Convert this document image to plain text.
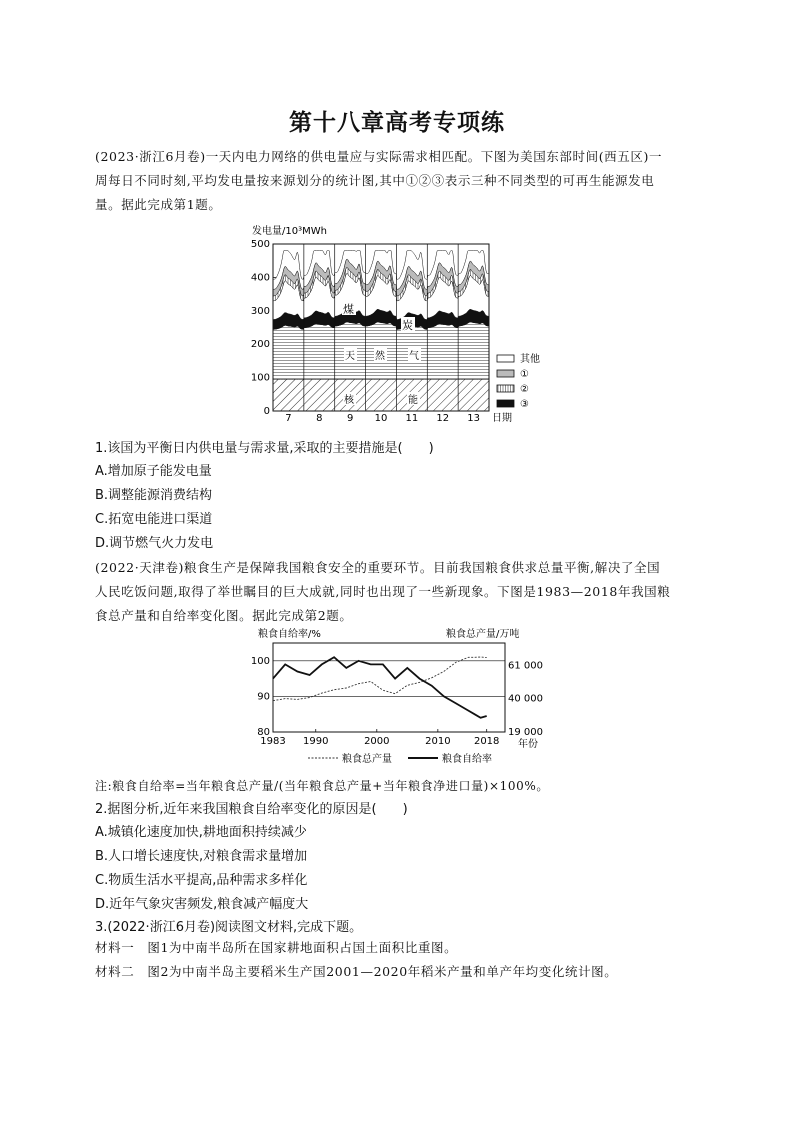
第十八章高考专项练
(2023·浙江6月卷)一天内电力网络的供电量应与实际需求相匹配。下图为美国东部时间(西五区)一
周每日不同时刻,平均发电量按来源划分的统计图,其中①②③表示三种不同类型的可再生能源发电
量。据此完成第1题。
发电量/10³MWh
500
400
300
200
100
0
7 8 9 10 11 12 13 日期
煤
炭
天 然 气
核	能
其他
①
②
③
1.该国为平衡日内供电量与需求量,采取的主要措施是(　　)
A.增加原子能发电量
B.调整能源消费结构
C.拓宽电能进口渠道
D.调节燃气火力发电
(2022·天津卷)粮食生产是保障我国粮食安全的重要环节。目前我国粮食供求总量平衡,解决了全国
人民吃饭问题,取得了举世瞩目的巨大成就,同时也出现了一些新现象。下图是1983—2018年我国粮
食总产量和自给率变化图。据此完成第2题。
粮食自给率/%	粮食总产量/万吨
100
90
80
61 000
40 000
19 000
1983 1990	2000	2010 2018 年份
粮食总产量	粮食自给率
注:粮食自给率=当年粮食总产量/(当年粮食总产量+当年粮食净进口量)×100%。
2.据图分析,近年来我国粮食自给率变化的原因是(　　)
A.城镇化速度加快,耕地面积持续减少
B.人口增长速度快,对粮食需求量增加
C.物质生活水平提高,品种需求多样化
D.近年气象灾害频发,粮食减产幅度大
3.(2022·浙江6月卷)阅读图文材料,完成下题。
材料一　图1为中南半岛所在国家耕地面积占国土面积比重图。
材料二　图2为中南半岛主要稻米生产国2001—2020年稻米产量和单产年均变化统计图。
